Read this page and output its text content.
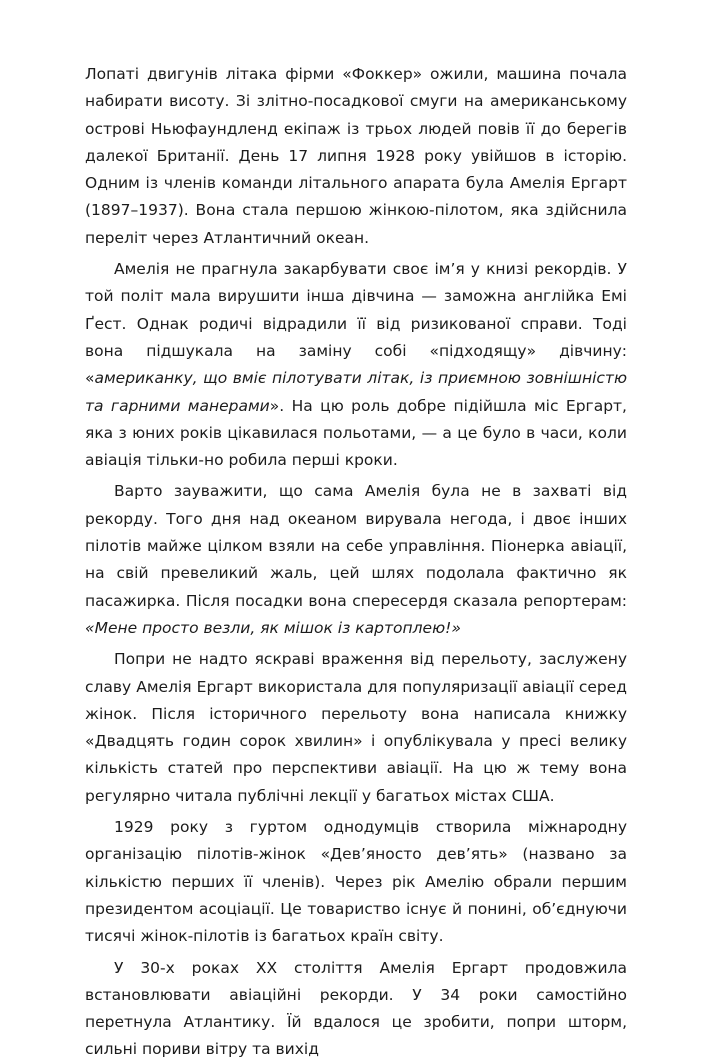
Лопаті двигунів літака фірми «Фоккер» ожили, машина почала набирати висоту. Зі злітно-посадкової смуги на американському острові Ньюфаундленд екіпаж із трьох людей повів її до берегів далекої Британії. День 17 липня 1928 року увійшов в історію. Одним із членів команди літального апарата була Амелія Ергарт (1897–1937). Вона стала першою жінкою-пілотом, яка здійснила переліт через Атлантичний океан.

Амелія не прагнула закарбувати своє ім’я у книзі рекордів. У той політ мала вирушити інша дівчина — заможна англійка Емі Ґест. Однак родичі відрадили її від ризикованої справи. Тоді вона підшукала на заміну собі «підходящу» дівчину: «американку, що вміє пілотувати літак, із приємною зовнішністю та гарними манерами». На цю роль добре підійшла міс Ергарт, яка з юних років цікавилася польотами, — а це було в часи, коли авіація тільки-но робила перші кроки.

Варто зауважити, що сама Амелія була не в захваті від рекорду. Того дня над океаном вирувала негода, і двоє інших пілотів майже цілком взяли на себе управління. Піонерка авіації, на свій превеликий жаль, цей шлях подолала фактично як пасажирка. Після посадки вона спересердя сказала репортерам: «Мене просто везли, як мішок із картоплею!»

Попри не надто яскраві враження від перельоту, заслужену славу Амелія Ергарт використала для популяризації авіації серед жінок. Після історичного перельоту вона написала книжку «Двадцять годин сорок хвилин» і опублікувала у пресі велику кількість статей про перспективи авіації. На цю ж тему вона регулярно читала публічні лекції у багатьох містах США.

1929 року з гуртом однодумців створила міжнародну організацію пілотів-жінок «Дев’яносто дев’ять» (названо за кількістю перших її членів). Через рік Амелію обрали першим президентом асоціації. Це товариство існує й понині, об’єднуючи тисячі жінок-пілотів із багатьох країн світу.

У 30-х роках XX століття Амелія Ергарт продовжила встановлювати авіаційні рекорди. У 34 роки самостійно перетнула Атлантику. Їй вдалося це зробити, попри шторм, сильні пориви вітру та вихід
